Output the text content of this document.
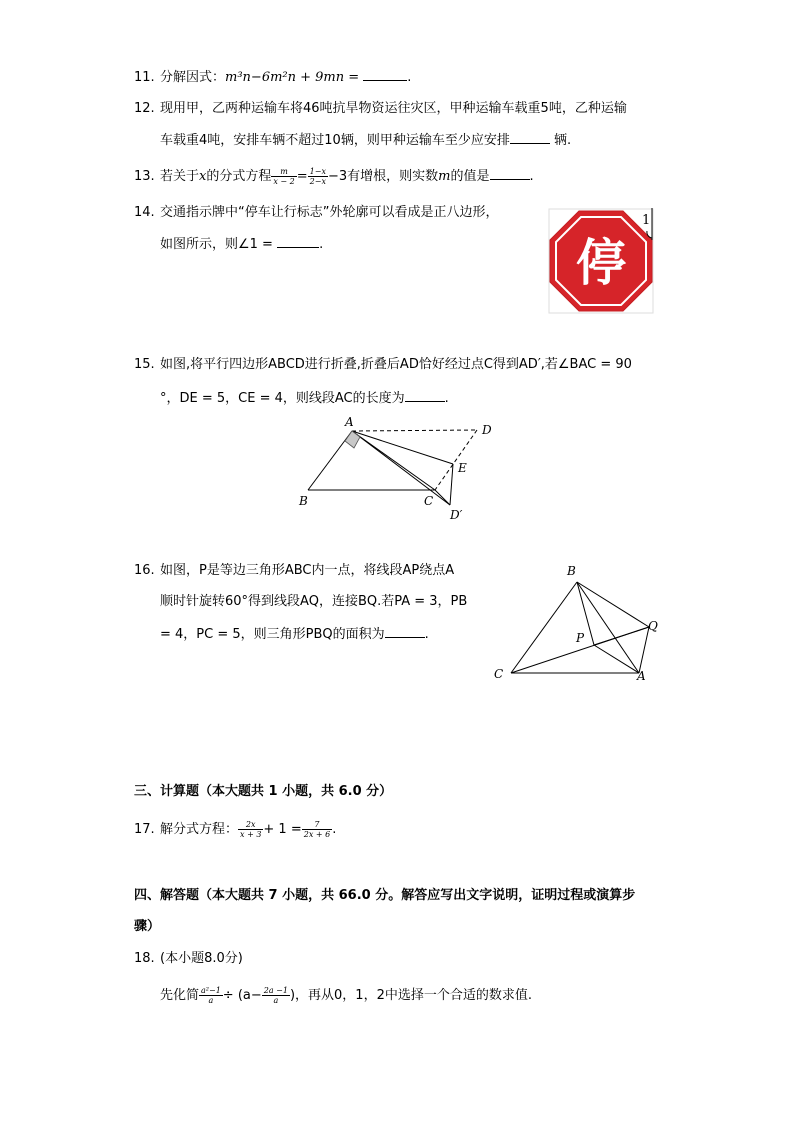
11. 分解因式：m³n−6m²n + 9mn =	.
12. 现用甲，乙两种运输车将46吨抗旱物资运往灾区，甲种运输车载重5吨，乙种运输
车载重4吨，安排车辆不超过10辆，则甲种运输车至少应安排	辆.
13. 若关于x的分式方程 $\frac{m}{x - 2} = \frac{1-x}{2-x} -3$有增根，则实数m的值是	.
14. 交通指示牌中“停车让行标志”外轮廓可以看成是正八边形，
如图所示，则∠1 =	.	停
1
15. 如图,将平行四边形ABCD进行折叠,折叠后AD恰好经过点C得到AD′,若∠BAC = 90
°，DE = 5，CE = 4，则线段AC的长度为	.
A
D
E
B	C
D′
16. 如图，P是等边三角形ABC内一点，将线段AP绕点A
顺时针旋转60°得到线段AQ，连接BQ.若PA = 3，PB
= 4，PC = 5，则三角形PBQ的面积为	.
B
P
Q
C	A
三、计算题（本大题共 1 小题，共 6.0 分）
17. 解分式方程： $\frac{2x}{x + 3} + 1 = \frac{7}{2x + 6}$ .
四、解答题（本大题共 7 小题，共 66.0 分。解答应写出文字说明，证明过程或演算步
骤）
18. (本小题8.0分)
先化简 $\frac{\text{a²−1}}{a} \div (a- \frac{2a -1}{a}$ )，再从0，1，2中选择一个合适的数求值.
